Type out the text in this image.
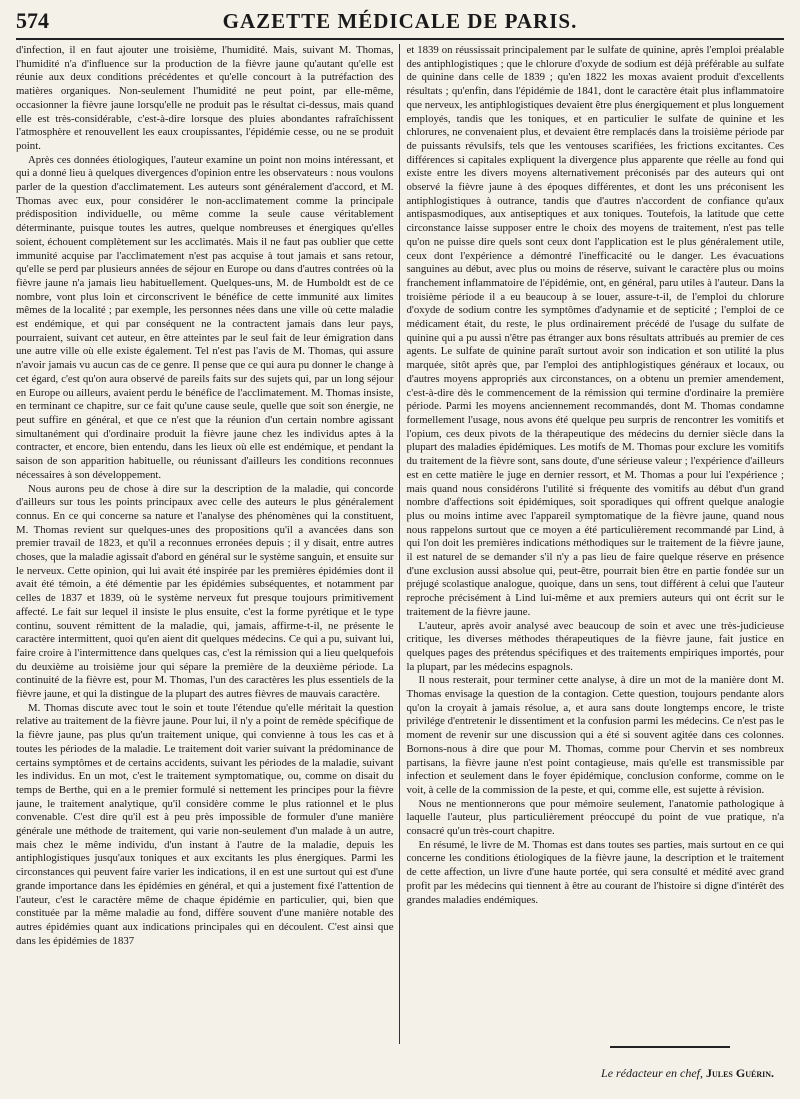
574	GAZETTE MÉDICALE DE PARIS.

d'infection, il en faut ajouter une troisième, l'humidité. Mais, suivant M. Thomas, l'humidité n'a d'influence sur la production de la fièvre jaune qu'autant qu'elle est réunie aux deux conditions précédentes et qu'elle concourt à la putréfaction des matières organiques. Non-seulement l'humidité ne peut point, par elle-même, occasionner la fièvre jaune lorsqu'elle ne produit pas le résultat ci-dessus, mais quand elle est très-considérable, c'est-à-dire lorsque des pluies abondantes rafraîchissent l'atmosphère et renouvellent les eaux croupissantes, l'épidémie cesse, ou ne se produit point.

Après ces données étiologiques, l'auteur examine un point non moins intéressant, et qui a donné lieu à quelques divergences d'opinion entre les observateurs : nous voulons parler de la question d'acclimatement. Les auteurs sont généralement d'accord, et M. Thomas avec eux, pour considérer le non-acclimatement comme la principale prédisposition individuelle, ou même comme la seule cause véritablement déterminante, puisque toutes les autres, quelque nombreuses et énergiques qu'elles soient, échouent complètement sur les acclimatés. Mais il ne faut pas oublier que cette immunité acquise par l'acclimatement n'est pas acquise à tout jamais et sans retour, qu'elle se perd par plusieurs années de séjour en Europe ou dans d'autres contrées où la fièvre jaune n'a jamais lieu habituellement. Quelques-uns, M. de Humboldt est de ce nombre, vont plus loin et circonscrivent le bénéfice de cette immunité aux limites mêmes de la localité ; par exemple, les personnes nées dans une ville où cette maladie est endémique, et qui par conséquent ne la contractent jamais dans leur pays, pourraient, suivant cet auteur, en être atteintes par le seul fait de leur émigration dans une autre ville où elle existe également. Tel n'est pas l'avis de M. Thomas, qui assure n'avoir jamais vu aucun cas de ce genre. Il pense que ce qui aura pu donner le change à cet égard, c'est qu'on aura observé de pareils faits sur des sujets qui, par un long séjour en Europe ou ailleurs, avaient perdu le bénéfice de l'acclimatement. M. Thomas insiste, en terminant ce chapitre, sur ce fait qu'une cause seule, quelle que soit son énergie, ne peut suffire en général, et que ce n'est que la réunion d'un certain nombre agissant simultanément qui d'ordinaire produit la fièvre jaune chez les individus aptes à la contracter, et encore, bien entendu, dans les lieux où elle est endémique, et pendant la saison de son apparition habituelle, ou réunissant d'ailleurs les conditions reconnues nécessaires à son développement.

Nous aurons peu de chose à dire sur la description de la maladie, qui concorde d'ailleurs sur tous les points principaux avec celle des auteurs le plus généralement connus. En ce qui concerne sa nature et l'analyse des phénomènes qui la constituent, M. Thomas revient sur quelques-unes des propositions qu'il a avancées dans son premier travail de 1823, et qu'il a reconnues erronées depuis ; il y disait, entre autres choses, que la maladie agissait d'abord en général sur le système sanguin, et ensuite sur le nerveux. Cette opinion, qui lui avait été inspirée par les premières épidémies dont il avait été témoin, a été démentie par les épidémies subséquentes, et notamment par celles de 1837 et 1839, où le système nerveux fut presque toujours primitivement affecté. Le fait sur lequel il insiste le plus ensuite, c'est la forme pyrétique et le type continu, souvent rémittent de la maladie, qui, jamais, affirme-t-il, ne présente le caractère intermittent, quoi qu'en aient dit quelques médecins. Ce qui a pu, suivant lui, faire croire à l'intermittence dans quelques cas, c'est la rémission qui a lieu quelquefois du deuxième au troisième jour qui sépare la première de la deuxième période. La continuité de la fièvre est, pour M. Thomas, l'un des caractères les plus essentiels de la fièvre jaune, et qui la distingue de la plupart des autres fièvres de mauvais caractère.

M. Thomas discute avec tout le soin et toute l'étendue qu'elle méritait la question relative au traitement de la fièvre jaune. Pour lui, il n'y a point de remède spécifique de la fièvre jaune, pas plus qu'un traitement unique, qui convienne à tous les cas et à toutes les périodes de la maladie. Le traitement doit varier suivant la prédominance de certains symptômes et de certains accidents, suivant les périodes de la maladie, suivant les individus. En un mot, c'est le traitement symptomatique, ou, comme on disait du temps de Berthe, qui en a le premier formulé si nettement les principes pour la fièvre jaune, le traitement analytique, qu'il considère comme le plus rationnel et le plus convenable. C'est dire qu'il est à peu près impossible de formuler d'une manière générale une méthode de traitement, qui varie non-seulement d'un malade à un autre, mais chez le même individu, d'un instant à l'autre de la maladie, depuis les antiphlogistiques jusqu'aux toniques et aux excitants les plus énergiques. Parmi les circonstances qui peuvent faire varier les indications, il en est une surtout qui est d'une grande importance dans les épidémies en général, et qui a justement fixé l'attention de l'auteur, c'est le caractère même de chaque épidémie en particulier, qui, bien que constituée par la même maladie au fond, diffère souvent d'une manière notable des autres épidémies quant aux indications principales qui en découlent. C'est ainsi que dans les épidémies de 1837

et 1839 on réussissait principalement par le sulfate de quinine, après l'emploi préalable des antiphlogistiques ; que le chlorure d'oxyde de sodium est déjà préférable au sulfate de quinine dans celle de 1839 ; qu'en 1822 les moxas avaient produit d'excellents résultats ; qu'enfin, dans l'épidémie de 1841, dont le caractère était plus inflammatoire que nerveux, les antiphlogistiques devaient être plus énergiquement et plus longuement employés, tandis que les toniques, et en particulier le sulfate de quinine et les chlorures, ne convenaient plus, et devaient être remplacés dans la troisième période par de puissants révulsifs, tels que les ventouses scarifiées, les frictions excitantes. Ces différences si capitales expliquent la divergence plus apparente que réelle au fond qui existe entre les divers moyens alternativement préconisés par des auteurs qui ont observé la fièvre jaune à des époques différentes, et dont les uns préconisent les antiphlogistiques à outrance, tandis que d'autres n'accordent de confiance qu'aux antispasmodiques, aux antiseptiques et aux toniques. Toutefois, la latitude que cette circonstance laisse supposer entre le choix des moyens de traitement, n'est pas telle qu'on ne puisse dire quels sont ceux dont l'application est le plus généralement utile, ceux dont l'expérience a démontré l'inefficacité ou le danger. Les évacuations sanguines au début, avec plus ou moins de réserve, suivant le caractère plus ou moins franchement inflammatoire de l'épidémie, ont, en général, paru utiles à l'auteur. Dans la troisième période il a eu beaucoup à se louer, assure-t-il, de l'emploi du chlorure d'oxyde de sodium contre les symptômes d'adynamie et de septicité ; l'emploi de ce médicament était, du reste, le plus ordinairement précédé de l'usage du sulfate de quinine qui a pu aussi n'être pas étranger aux bons résultats attribués au premier de ces agents. Le sulfate de quinine paraît surtout avoir son indication et son utilité la plus marquée, sitôt après que, par l'emploi des antiphlogistiques généraux et locaux, ou d'autres moyens appropriés aux circonstances, on a obtenu un premier amendement, c'est-à-dire dès le commencement de la rémission qui termine d'ordinaire la première période. Parmi les moyens anciennement recommandés, dont M. Thomas condamne formellement l'usage, nous avons été quelque peu surpris de rencontrer les vomitifs et l'opium, ces deux pivots de la thérapeutique des médecins du dernier siècle dans la plupart des maladies épidémiques. Les motifs de M. Thomas pour exclure les vomitifs du traitement de la fièvre sont, sans doute, d'une sérieuse valeur ; l'expérience d'ailleurs est en cette matière le juge en dernier ressort, et M. Thomas a pour lui l'expérience ; mais quand nous considérons l'utilité si fréquente des vomitifs au début d'un grand nombre d'affections soit épidémiques, soit sporadiques qui offrent quelque analogie plus ou moins intime avec l'appareil symptomatique de la fièvre jaune, quand nous nous rappelons surtout que ce moyen a été particulièrement recommandé par Lind, à qui l'on doit les premières indications méthodiques sur le traitement de la fièvre jaune, il est naturel de se demander s'il n'y a pas lieu de faire quelque réserve en présence d'une exclusion aussi absolue qui, peut-être, pourrait bien être en partie fondée sur un préjugé scolastique analogue, quoique, dans un sens, tout différent à celui que l'auteur reproche précisément à Lind lui-même et aux premiers auteurs qui ont écrit sur le traitement de la fièvre jaune.

L'auteur, après avoir analysé avec beaucoup de soin et avec une très-judicieuse critique, les diverses méthodes thérapeutiques de la fièvre jaune, fait justice en quelques pages des prétendus spécifiques et des traitements empiriques importés, pour la plupart, par les médecins espagnols.

Il nous resterait, pour terminer cette analyse, à dire un mot de la manière dont M. Thomas envisage la question de la contagion. Cette question, toujours pendante alors qu'on la croyait à jamais résolue, a, et aura sans doute longtemps encore, le triste privilége d'entretenir le dissentiment et la confusion parmi les médecins. Ce n'est pas le moment de revenir sur une discussion qui a été si souvent agitée dans ces colonnes. Bornons-nous à dire que pour M. Thomas, comme pour Chervin et ses nombreux partisans, la fièvre jaune n'est point contagieuse, mais qu'elle est transmissible par infection et seulement dans le foyer épidémique, conclusion conforme, comme on le voit, à celle de la commission de la peste, et qui, comme elle, est sujette à révision.

Nous ne mentionnerons que pour mémoire seulement, l'anatomie pathologique à laquelle l'auteur, plus particulièrement préoccupé du point de vue pratique, n'a consacré qu'un très-court chapitre.

En résumé, le livre de M. Thomas est dans toutes ses parties, mais surtout en ce qui concerne les conditions étiologiques de la fièvre jaune, la description et le traitement de cette affection, un livre d'une haute portée, qui sera consulté et médité avec grand profit par les médecins qui tiennent à être au courant de l'histoire si digne d'intérêt des grandes maladies endémiques.

Le rédacteur en chef, Jules Guérin.
